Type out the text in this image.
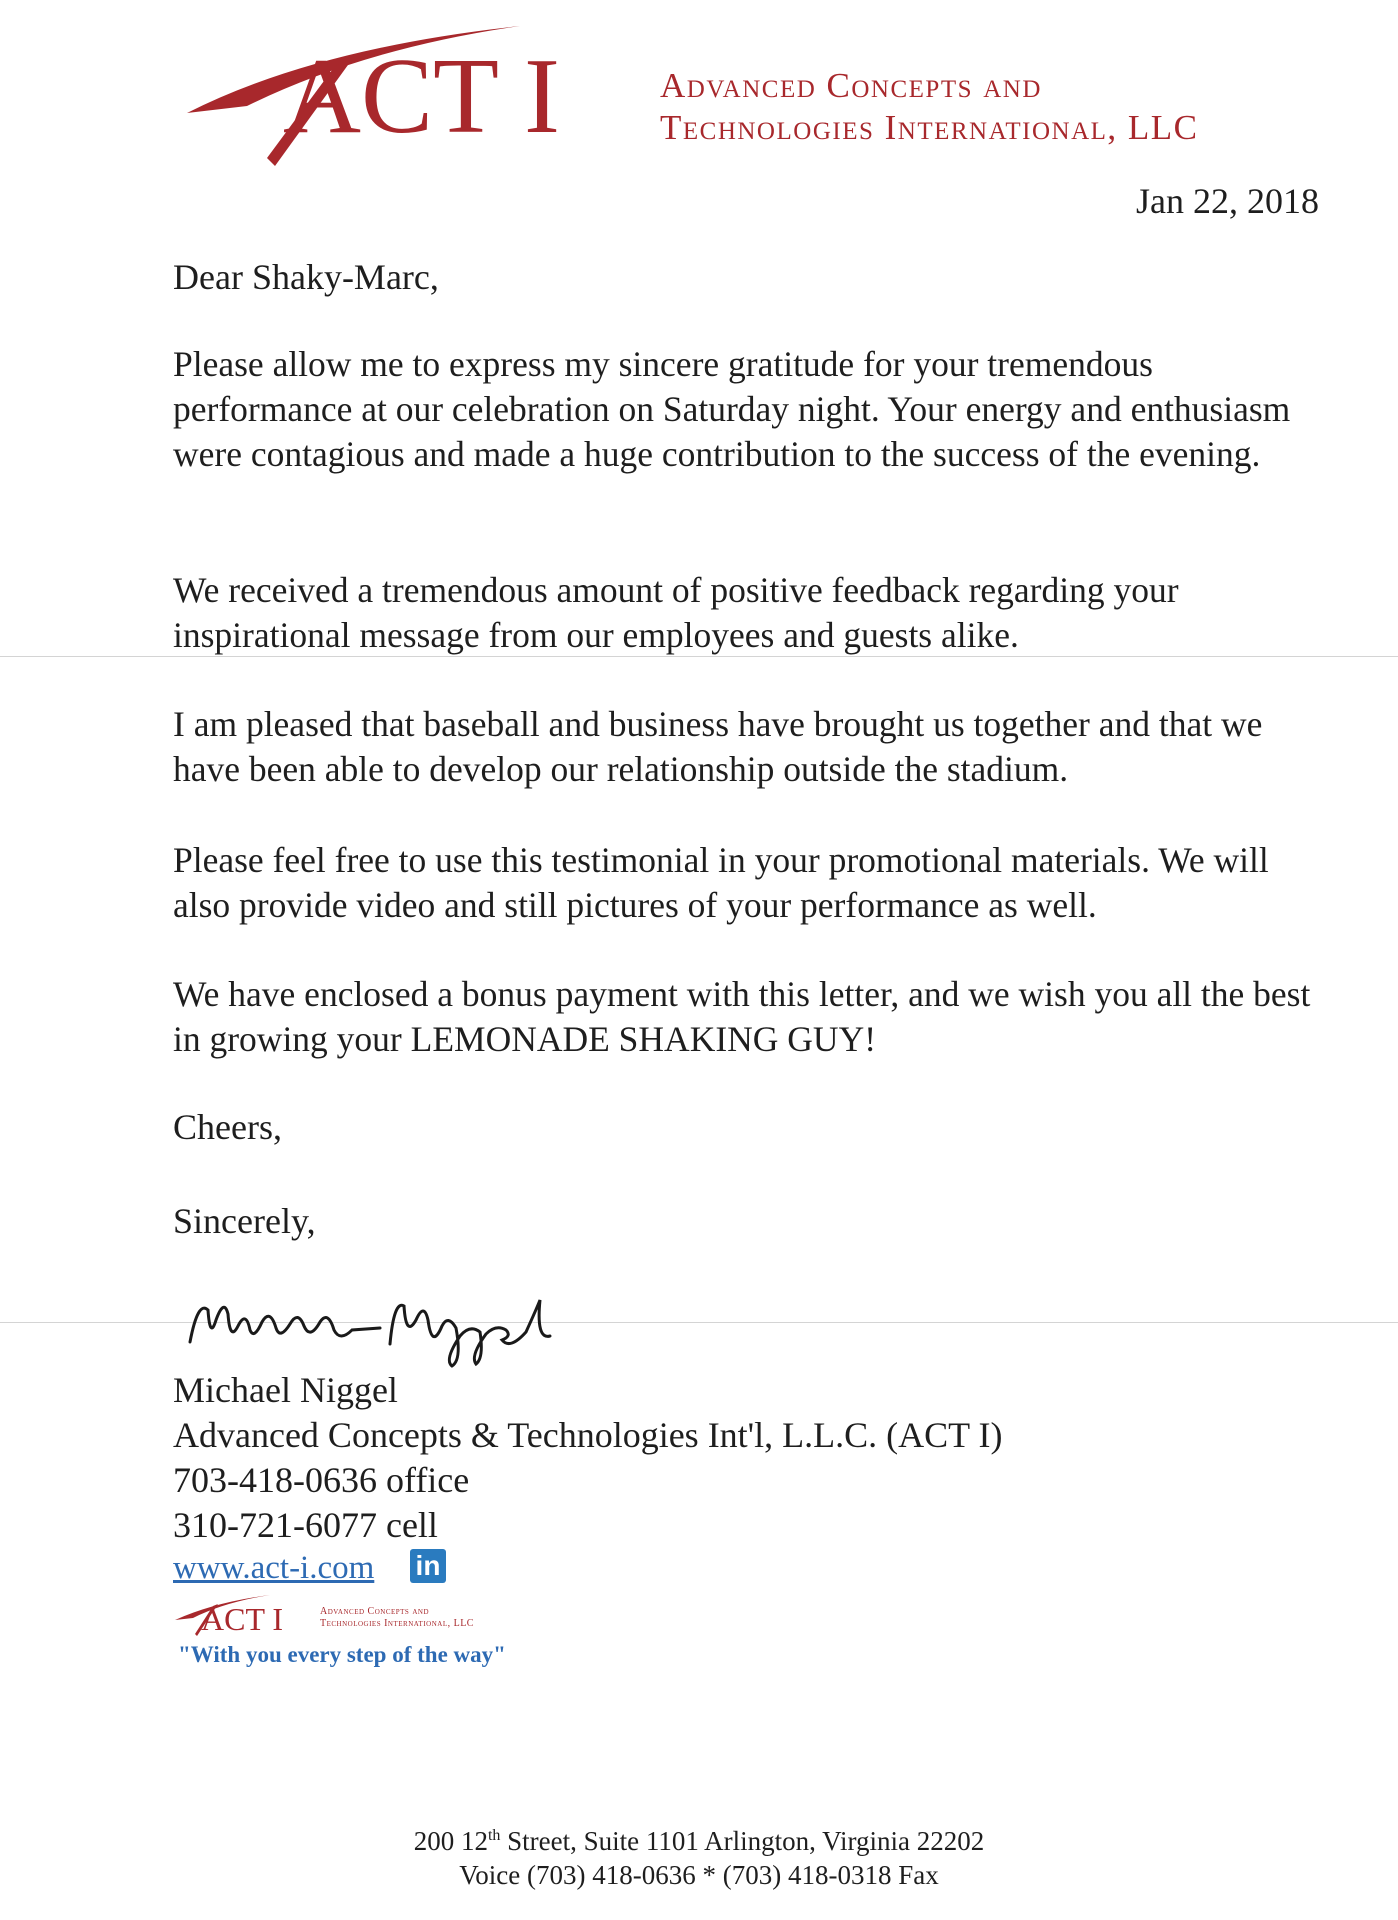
ACT I	Advanced Concepts and
Technologies International, LLC
Jan 22, 2018
Dear Shaky-Marc,
Please allow me to express my sincere gratitude for your tremendous performance at our celebration on Saturday night. Your energy and enthusiasm were contagious and made a huge contribution to the success of the evening.
We received a tremendous amount of positive feedback regarding your inspirational message from our employees and guests alike.
I am pleased that baseball and business have brought us together and that we have been able to develop our relationship outside the stadium.
Please feel free to use this testimonial in your promotional materials. We will also provide video and still pictures of your performance as well.
We have enclosed a bonus payment with this letter, and we wish you all the best in growing your LEMONADE SHAKING GUY!
Cheers,
Sincerely,
Michael Niggel
Advanced Concepts & Technologies Int'l, L.L.C. (ACT I)
703-418-0636 office
310-721-6077 cell
www.act-i.com in
ACT I	Advanced Concepts and
Technologies International, LLC
"With you every step of the way"
200 12th Street, Suite 1101 Arlington, Virginia 22202
Voice (703) 418-0636 * (703) 418-0318 Fax
